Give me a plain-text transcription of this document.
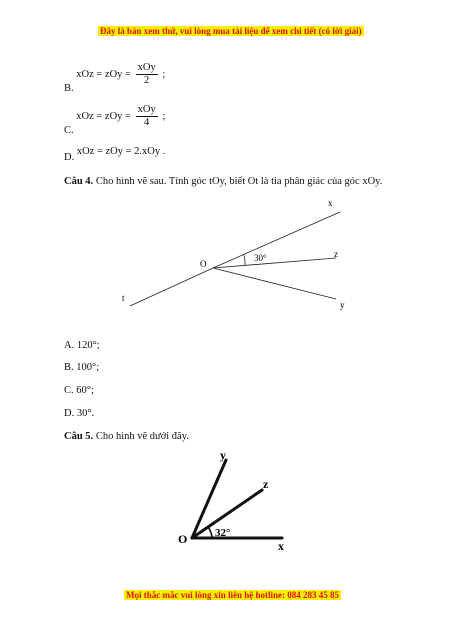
Đây là bản xem thử, vui lòng mua tài liệu để xem chi tiết (có lời giải)
B. xOz = zOy = $\frac{\text{xOy}}{2}$ ;
C. xOz = zOy = $\frac{\text{xOy}}{4}$ ;
D. xOz = zOy = 2.xOy .
Câu 4. Cho hình vẽ sau. Tính góc tOy, biết Ot là tia phân giác của góc xOy.
O
x
z
y
t
30°
A. 120°;
B. 100°;
C. 60°;
D. 30°.
Câu 5. Cho hình vẽ dưới đây.
O
y
z
x
32°
Mọi thắc mắc vui lòng xin liên hệ hotline: 084 283 45 85
